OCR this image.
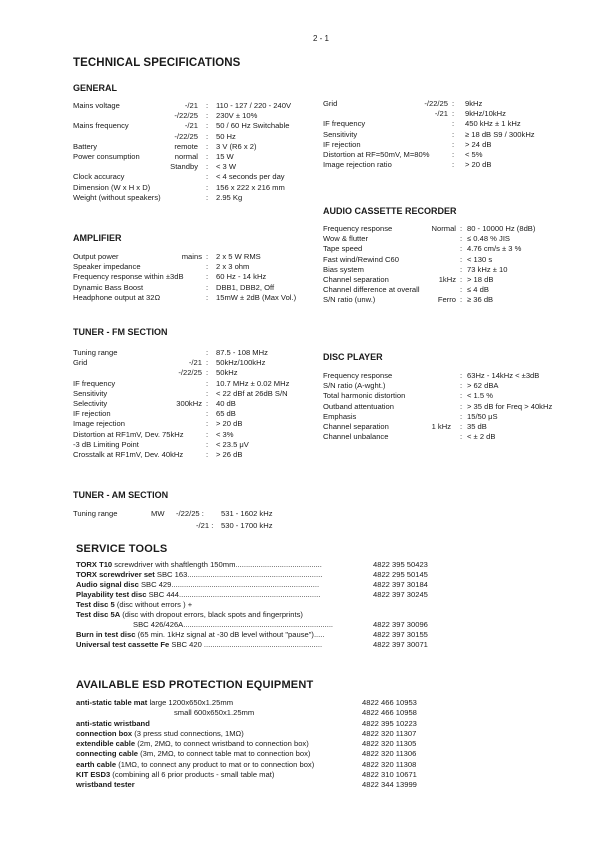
2 - 1
TECHNICAL SPECIFICATIONS
GENERAL
Mains voltage	-/21 : 110 - 127 / 220 - 240V
-/22/25 : 230V ± 10%
Mains frequency	-/21 : 50 / 60 Hz Switchable
-/22/25 : 50 Hz
Battery	remote : 3 V (R6 x 2)
Power consumption	normal : 15 W
Standby : < 3 W
Clock accuracy	: < 4 seconds per day
Dimension (W x H x D)	: 156 x 222 x 216 mm
Weight (without speakers)	: 2.95 Kg
AMPLIFIER
Output power	mains : 2 x 5 W RMS
Speaker impedance	: 2 x 3 ohm
Frequency response within ±3dB	: 60 Hz - 14 kHz
Dynamic Bass Boost	: DBB1, DBB2, Off
Headphone output at 32Ω	: 15mW ± 2dB (Max Vol.)
TUNER - FM SECTION
Tuning range	: 87.5 - 108 MHz
Grid	-/21 : 50kHz/100kHz
-/22/25 : 50kHz
IF frequency	: 10.7 MHz ± 0.02 MHz
Sensitivity	: < 22 dBf at 26dB S/N
Selectivity	300kHz : 40 dB
IF rejection	: 65 dB
Image rejection	: > 20 dB
Distortion at RF1mV, Dev. 75kHz	: < 3%
-3 dB Limiting Point	: < 23.5 μV
Crosstalk at RF1mV, Dev. 40kHz	: > 26 dB
TUNER - AM SECTION
Tuning range	MW -/22/25 : 531 - 1602 kHz
-/21 : 530 - 1700 kHz
Grid	-/22/25 : 9kHz
-/21 : 9kHz/10kHz
IF frequency	: 450 kHz ± 1 kHz
Sensitivity	: ≥ 18 dB S9 / 300kHz
IF rejection	: > 24 dB
Distortion at RF=50mV, M=80%	: < 5%
Image rejection ratio	: > 20 dB
AUDIO CASSETTE RECORDER
Frequency response	Normal : 80 - 10000 Hz (8dB)
Wow & flutter	: ≤ 0.48 % JIS
Tape speed	: 4.76 cm/s ± 3 %
Fast wind/Rewind C60	: < 130 s
Bias system	: 73 kHz ± 10
Channel separation	1kHz : > 18 dB
Channel difference at overall	: ≤ 4 dB
S/N ratio (unw.)	Ferro : ≥ 36 dB
DISC PLAYER
Frequency response	: 63Hz - 14kHz < ±3dB
S/N ratio (A-wght.)	: > 62 dBA
Total harmonic distortion	: < 1.5 %
Outband attentuation	: > 35 dB for Freq > 40kHz
Emphasis	: 15/50 μS
Channel separation	1 kHz : 35 dB
Channel unbalance	: < ± 2 dB
SERVICE TOOLS
TORX T10 screwdriver with shaftlength 150mm.........................................	4822 395 50423
TORX screwdriver set SBC 163................................................................	4822 295 50145
Audio signal disc SBC 429......................................................................	4822 397 30184
Playability test disc SBC 444...................................................................	4822 397 30245
Test disc 5 (disc without errors ) +
Test disc 5A (disc with dropout errors, black spots and fingerprints)
SBC 426/426A.......................................................................	4822 397 30096
Burn in test disc (65 min. 1kHz signal at -30 dB level without "pause").....	4822 397 30155
Universal test cassette Fe SBC 420 ........................................................	4822 397 30071
AVAILABLE ESD PROTECTION EQUIPMENT
anti-static table mat large 1200x650x1.25mm	4822 466 10953
small 600x650x1.25mm	4822 466 10958
anti-static wristband	4822 395 10223
connection box (3 press stud connections, 1MΩ)	4822 320 11307
extendible cable (2m, 2MΩ, to connect wristband to connection box)	4822 320 11305
connecting cable (3m, 2MΩ, to connect table mat to connection box)	4822 320 11306
earth cable (1MΩ, to connect any product to mat or to connection box)	4822 320 11308
KIT ESD3 (combining all 6 prior products - small table mat)	4822 310 10671
wristband tester	4822 344 13999
